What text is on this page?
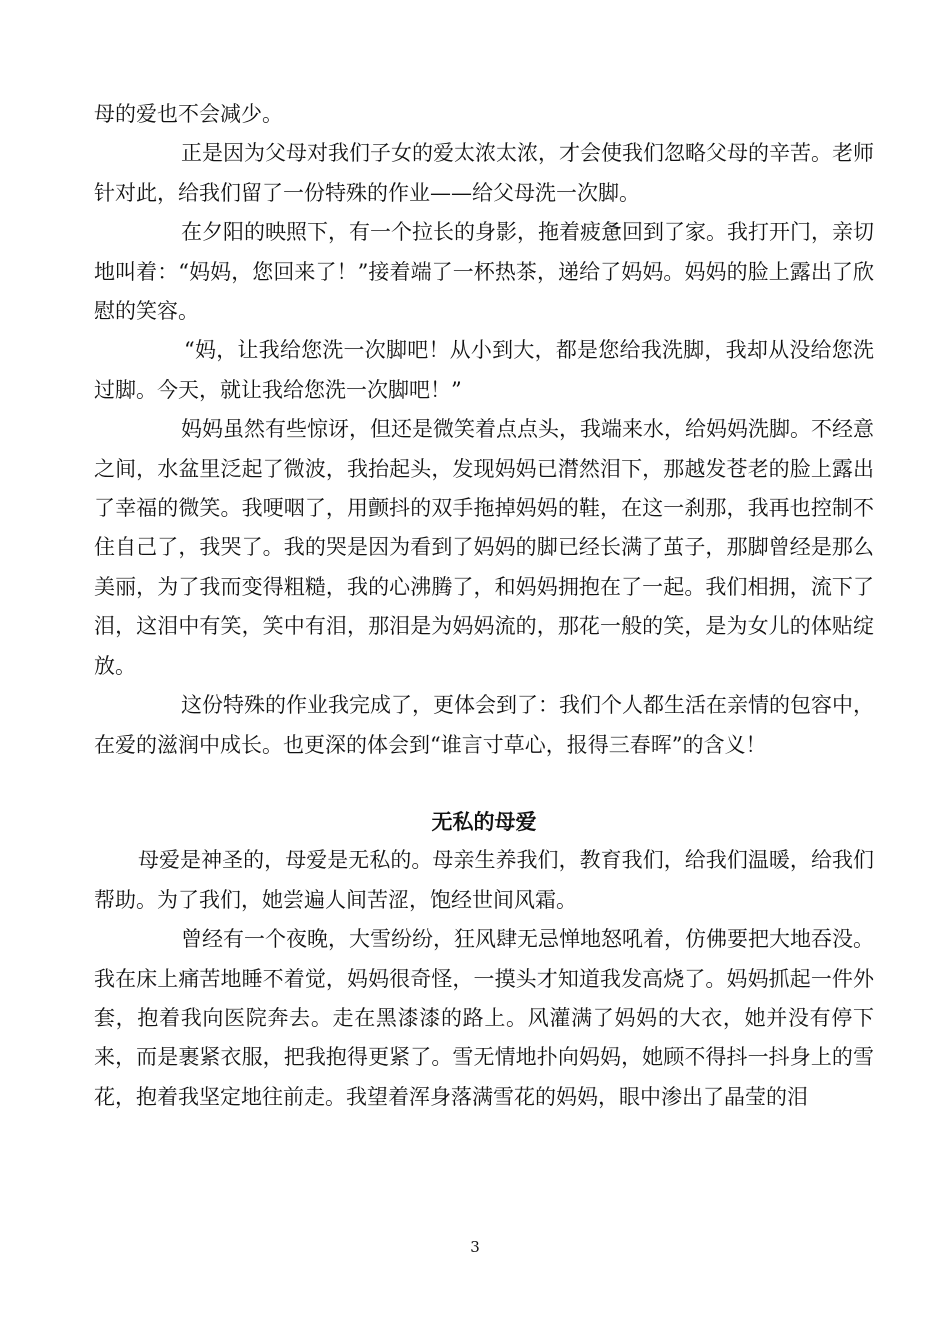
母的爱也不会减少。

正是因为父母对我们子女的爱太浓太浓，才会使我们忽略父母的辛苦。老师针对此，给我们留了一份特殊的作业——给父母洗一次脚。

在夕阳的映照下，有一个拉长的身影，拖着疲惫回到了家。我打开门，亲切地叫着：“妈妈，您回来了！”接着端了一杯热茶，递给了妈妈。妈妈的脸上露出了欣慰的笑容。

“妈，让我给您洗一次脚吧！从小到大，都是您给我洗脚，我却从没给您洗过脚。今天，就让我给您洗一次脚吧！”

妈妈虽然有些惊讶，但还是微笑着点点头，我端来水，给妈妈洗脚。不经意之间，水盆里泛起了微波，我抬起头，发现妈妈已潸然泪下，那越发苍老的脸上露出了幸福的微笑。我哽咽了，用颤抖的双手拖掉妈妈的鞋，在这一刹那，我再也控制不住自己了，我哭了。我的哭是因为看到了妈妈的脚已经长满了茧子，那脚曾经是那么美丽，为了我而变得粗糙，我的心沸腾了，和妈妈拥抱在了一起。我们相拥，流下了泪，这泪中有笑，笑中有泪，那泪是为妈妈流的，那花一般的笑，是为女儿的体贴绽放。

这份特殊的作业我完成了，更体会到了：我们个人都生活在亲情的包容中，在爱的滋润中成长。也更深的体会到“谁言寸草心，报得三春晖”的含义！

无私的母爱

母爱是神圣的，母爱是无私的。母亲生养我们，教育我们，给我们温暖，给我们帮助。为了我们，她尝遍人间苦涩，饱经世间风霜。

曾经有一个夜晚，大雪纷纷，狂风肆无忌惮地怒吼着，仿佛要把大地吞没。我在床上痛苦地睡不着觉，妈妈很奇怪，一摸头才知道我发高烧了。妈妈抓起一件外套，抱着我向医院奔去。走在黑漆漆的路上。风灌满了妈妈的大衣，她并没有停下来，而是裹紧衣服，把我抱得更紧了。雪无情地扑向妈妈，她顾不得抖一抖身上的雪花，抱着我坚定地往前走。我望着浑身落满雪花的妈妈，眼中渗出了晶莹的泪

3
